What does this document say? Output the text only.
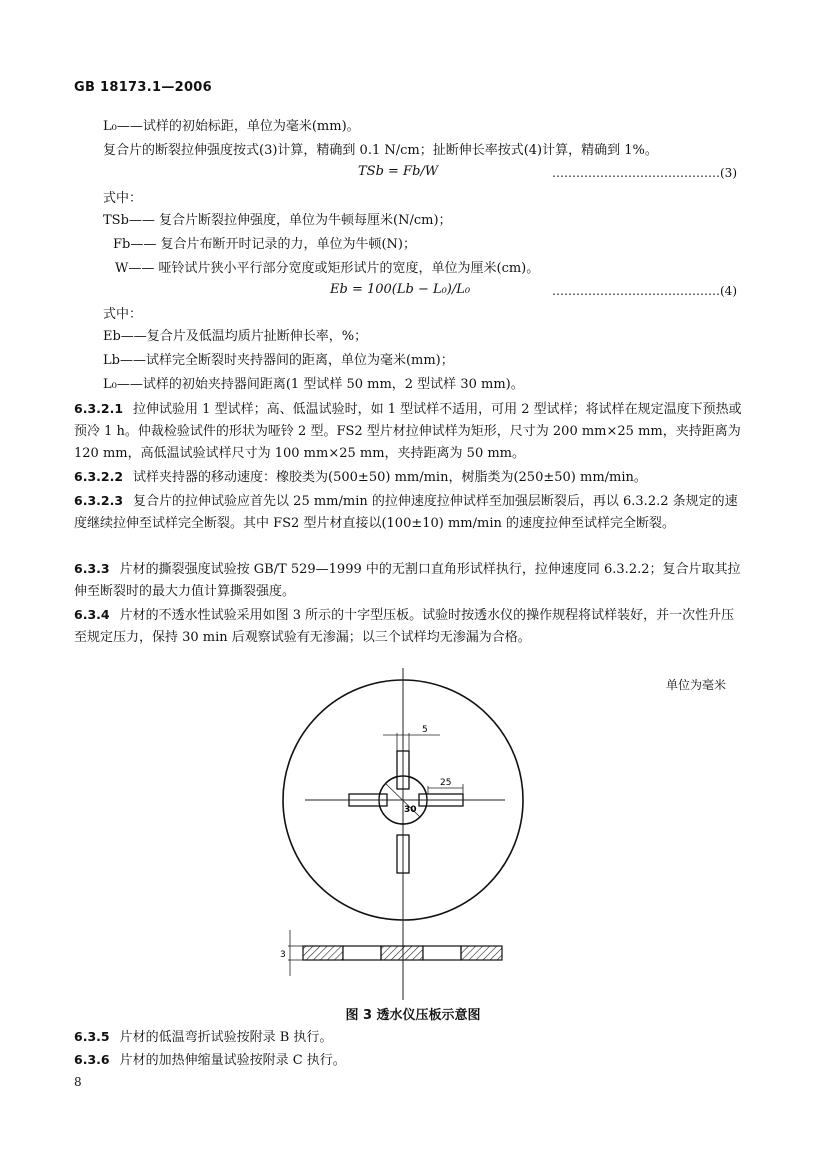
GB 18173.1—2006
L₀——试样的初始标距，单位为毫米(mm)。
复合片的断裂拉伸强度按式(3)计算，精确到 0.1 N/cm；扯断伸长率按式(4)计算，精确到 1%。
TSb = Fb/W	……………………………………(3)
式中：
TSb—— 复合片断裂拉伸强度，单位为牛顿每厘米(N/cm)；
Fb—— 复合片布断开时记录的力，单位为牛顿(N)；
W—— 哑铃试片狭小平行部分宽度或矩形试片的宽度，单位为厘米(cm)。
Eb = 100(Lb − L₀)/L₀	……………………………………(4)
式中：
Eb——复合片及低温均质片扯断伸长率，%；
Lb——试样完全断裂时夹持器间的距离，单位为毫米(mm)；
L₀——试样的初始夹持器间距离(1 型试样 50 mm，2 型试样 30 mm)。
6.3.2.1 拉伸试验用 1 型试样；高、低温试验时，如 1 型试样不适用，可用 2 型试样；将试样在规定温度下预热或预冷 1 h。仲裁检验试件的形状为哑铃 2 型。FS2 型片材拉伸试样为矩形，尺寸为 200 mm×25 mm，夹持距离为 120 mm，高低温试验试样尺寸为 100 mm×25 mm，夹持距离为 50 mm。
6.3.2.2 试样夹持器的移动速度：橡胶类为(500±50) mm/min，树脂类为(250±50) mm/min。
6.3.2.3 复合片的拉伸试验应首先以 25 mm/min 的拉伸速度拉伸试样至加强层断裂后，再以 6.3.2.2 条规定的速度继续拉伸至试样完全断裂。其中 FS2 型片材直接以(100±10) mm/min 的速度拉伸至试样完全断裂。
6.3.3 片材的撕裂强度试验按 GB/T 529—1999 中的无割口直角形试样执行，拉伸速度同 6.3.2.2；复合片取其拉伸至断裂时的最大力值计算撕裂强度。
6.3.4 片材的不透水性试验采用如图 3 所示的十字型压板。试验时按透水仪的操作规程将试样装好，并一次性升压至规定压力，保持 30 min 后观察试验有无渗漏；以三个试样均无渗漏为合格。
单位为毫米
5
25
30
3
图 3 透水仪压板示意图
6.3.5 片材的低温弯折试验按附录 B 执行。
6.3.6 片材的加热伸缩量试验按附录 C 执行。
8
